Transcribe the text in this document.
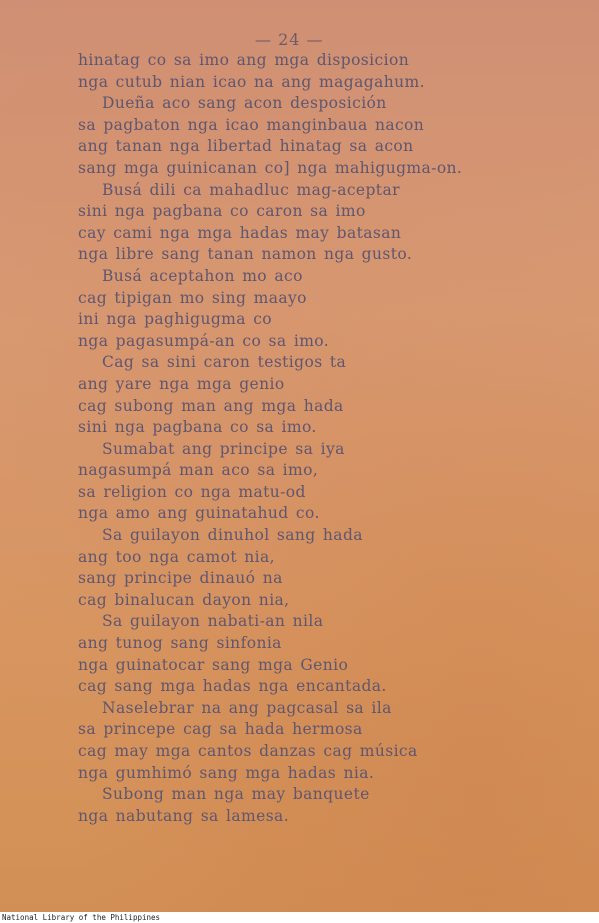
— 24 —
hinatag co sa imo ang mga disposicion
nga cutub nian icao na ang magagahum.
Dueña aco sang acon desposición
sa pagbaton nga icao manginbaua nacon
ang tanan nga libertad hinatag sa acon
sang mga guinicanan co] nga mahigugma-on.
Busá dili ca mahadluc mag-aceptar
sini nga pagbana co caron sa imo
cay cami nga mga hadas may batasan
nga libre sang tanan namon nga gusto.
Busá aceptahon mo aco
cag tipigan mo sing maayo
ini nga paghigugma co
nga pagasumpá-an co sa imo.
Cag sa sini caron testigos ta
ang yare nga mga genio
cag subong man ang mga hada
sini nga pagbana co sa imo.
Sumabat ang principe sa iya
nagasumpá man aco sa imo,
sa religion co nga matu-od
nga amo ang guinatahud co.
Sa guilayon dinuhol sang hada
ang too nga camot nia,
sang principe dinauó na
cag binalucan dayon nia,
Sa guilayon nabati-an nila
ang tunog sang sinfonia
nga guinatocar sang mga Genio
cag sang mga hadas nga encantada.
Naselebrar na ang pagcasal sa ila
sa princepe cag sa hada hermosa
cag may mga cantos danzas cag música
nga gumhimó sang mga hadas nia.
Subong man nga may banquete
nga nabutang sa lamesa.
National Library of the Philippines
